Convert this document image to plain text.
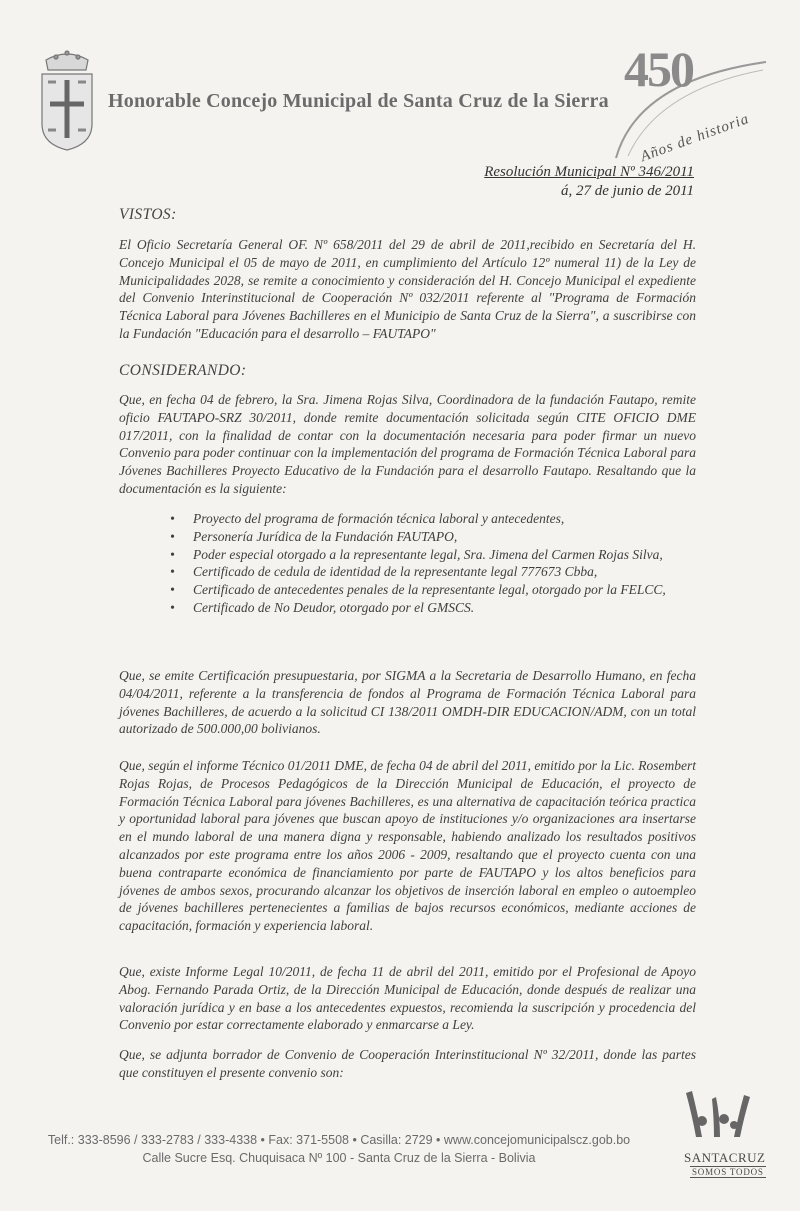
Honorable Concejo Municipal de Santa Cruz de la Sierra
450
Años de historia
Resolución Municipal Nº 346/2011
á, 27 de junio de 2011
VISTOS:

El Oficio Secretaría General OF. Nº 658/2011 del 29 de abril de 2011,recibido en Secretaría del H. Concejo Municipal el 05 de mayo de 2011, en cumplimiento del Artículo 12º numeral 11) de la Ley de Municipalidades 2028, se remite a conocimiento y consideración del H. Concejo Municipal el expediente del Convenio Interinstitucional de Cooperación Nº 032/2011 referente al "Programa de Formación Técnica Laboral para Jóvenes Bachilleres en el Municipio de Santa Cruz de la Sierra", a suscribirse con la Fundación "Educación para el desarrollo – FAUTAPO"

CONSIDERANDO:

Que, en fecha 04 de febrero, la Sra. Jimena Rojas Silva, Coordinadora de la fundación Fautapo, remite oficio FAUTAPO-SRZ 30/2011, donde remite documentación solicitada según CITE OFICIO DME 017/2011, con la finalidad de contar con la documentación necesaria para poder firmar un nuevo Convenio para poder continuar con la implementación del programa de Formación Técnica Laboral para Jóvenes Bachilleres Proyecto Educativo de la Fundación para el desarrollo Fautapo. Resaltando que la documentación es la siguiente:

• Proyecto del programa de formación técnica laboral y antecedentes,
• Personería Jurídica de la Fundación FAUTAPO,
• Poder especial otorgado a la representante legal, Sra. Jimena del Carmen Rojas Silva,
• Certificado de cedula de identidad de la representante legal 777673 Cbba,
• Certificado de antecedentes penales de la representante legal, otorgado por la FELCC,
• Certificado de No Deudor, otorgado por el GMSCS.

Que, se emite Certificación presupuestaria, por SIGMA a la Secretaria de Desarrollo Humano, en fecha 04/04/2011, referente a la transferencia de fondos al Programa de Formación Técnica Laboral para jóvenes Bachilleres, de acuerdo a la solicitud CI 138/2011 OMDH-DIR EDUCACION/ADM, con un total autorizado de 500.000,00 bolivianos.

Que, según el informe Técnico 01/2011 DME, de fecha 04 de abril del 2011, emitido por la Lic. Rosembert Rojas Rojas, de Procesos Pedagógicos de la Dirección Municipal de Educación, el proyecto de Formación Técnica Laboral para jóvenes Bachilleres, es una alternativa de capacitación teórica practica y oportunidad laboral para jóvenes que buscan apoyo de instituciones y/o organizaciones ara insertarse en el mundo laboral de una manera digna y responsable, habiendo analizado los resultados positivos alcanzados por este programa entre los años 2006 - 2009, resaltando que el proyecto cuenta con una buena contraparte económica de financiamiento por parte de FAUTAPO y los altos beneficios para jóvenes de ambos sexos, procurando alcanzar los objetivos de inserción laboral en empleo o autoempleo de jóvenes bachilleres pertenecientes a familias de bajos recursos económicos, mediante acciones de capacitación, formación y experiencia laboral.

Que, existe Informe Legal 10/2011, de fecha 11 de abril del 2011, emitido por el Profesional de Apoyo Abog. Fernando Parada Ortiz, de la Dirección Municipal de Educación, donde después de realizar una valoración jurídica y en base a los antecedentes expuestos, recomienda la suscripción y procedencia del Convenio por estar correctamente elaborado y enmarcarse a Ley.

Que, se adjunta borrador de Convenio de Cooperación Interinstitucional Nº 32/2011, donde las partes que constituyen el presente convenio son:

Telf.: 333-8596 / 333-2783 / 333-4338 • Fax: 371-5508 • Casilla: 2729 • www.concejomunicipalscz.gob.bo
Calle Sucre Esq. Chuquisaca Nº 100 - Santa Cruz de la Sierra - Bolivia	SANTACRUZ
SOMOS TODOS
